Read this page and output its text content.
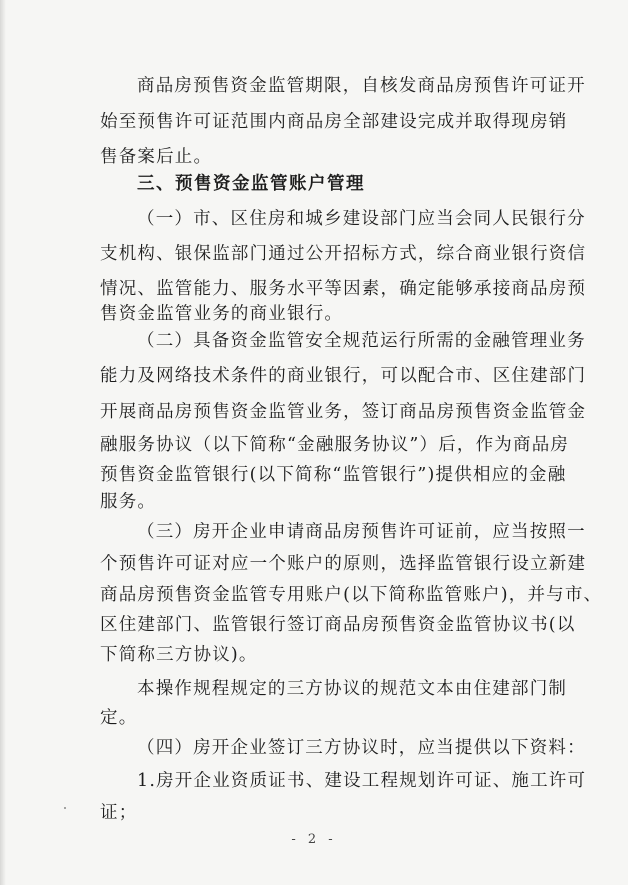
商品房预售资金监管期限，自核发商品房预售许可证开
始至预售许可证范围内商品房全部建设完成并取得现房销
售备案后止。
三、预售资金监管账户管理
（一）市、区住房和城乡建设部门应当会同人民银行分
支机构、银保监部门通过公开招标方式，综合商业银行资信
情况、监管能力、服务水平等因素，确定能够承接商品房预
售资金监管业务的商业银行。
（二）具备资金监管安全规范运行所需的金融管理业务
能力及网络技术条件的商业银行，可以配合市、区住建部门
开展商品房预售资金监管业务，签订商品房预售资金监管金
融服务协议（以下简称“金融服务协议”）后，作为商品房
预售资金监管银行(以下简称“监管银行”)提供相应的金融
服务。
（三）房开企业申请商品房预售许可证前，应当按照一
个预售许可证对应一个账户的原则，选择监管银行设立新建
商品房预售资金监管专用账户(以下简称监管账户)，并与市、
区住建部门、监管银行签订商品房预售资金监管协议书(以
下简称三方协议)。
本操作规程规定的三方协议的规范文本由住建部门制
定。
（四）房开企业签订三方协议时，应当提供以下资料：
1.房开企业资质证书、建设工程规划许可证、施工许可
证；
- 2 -
